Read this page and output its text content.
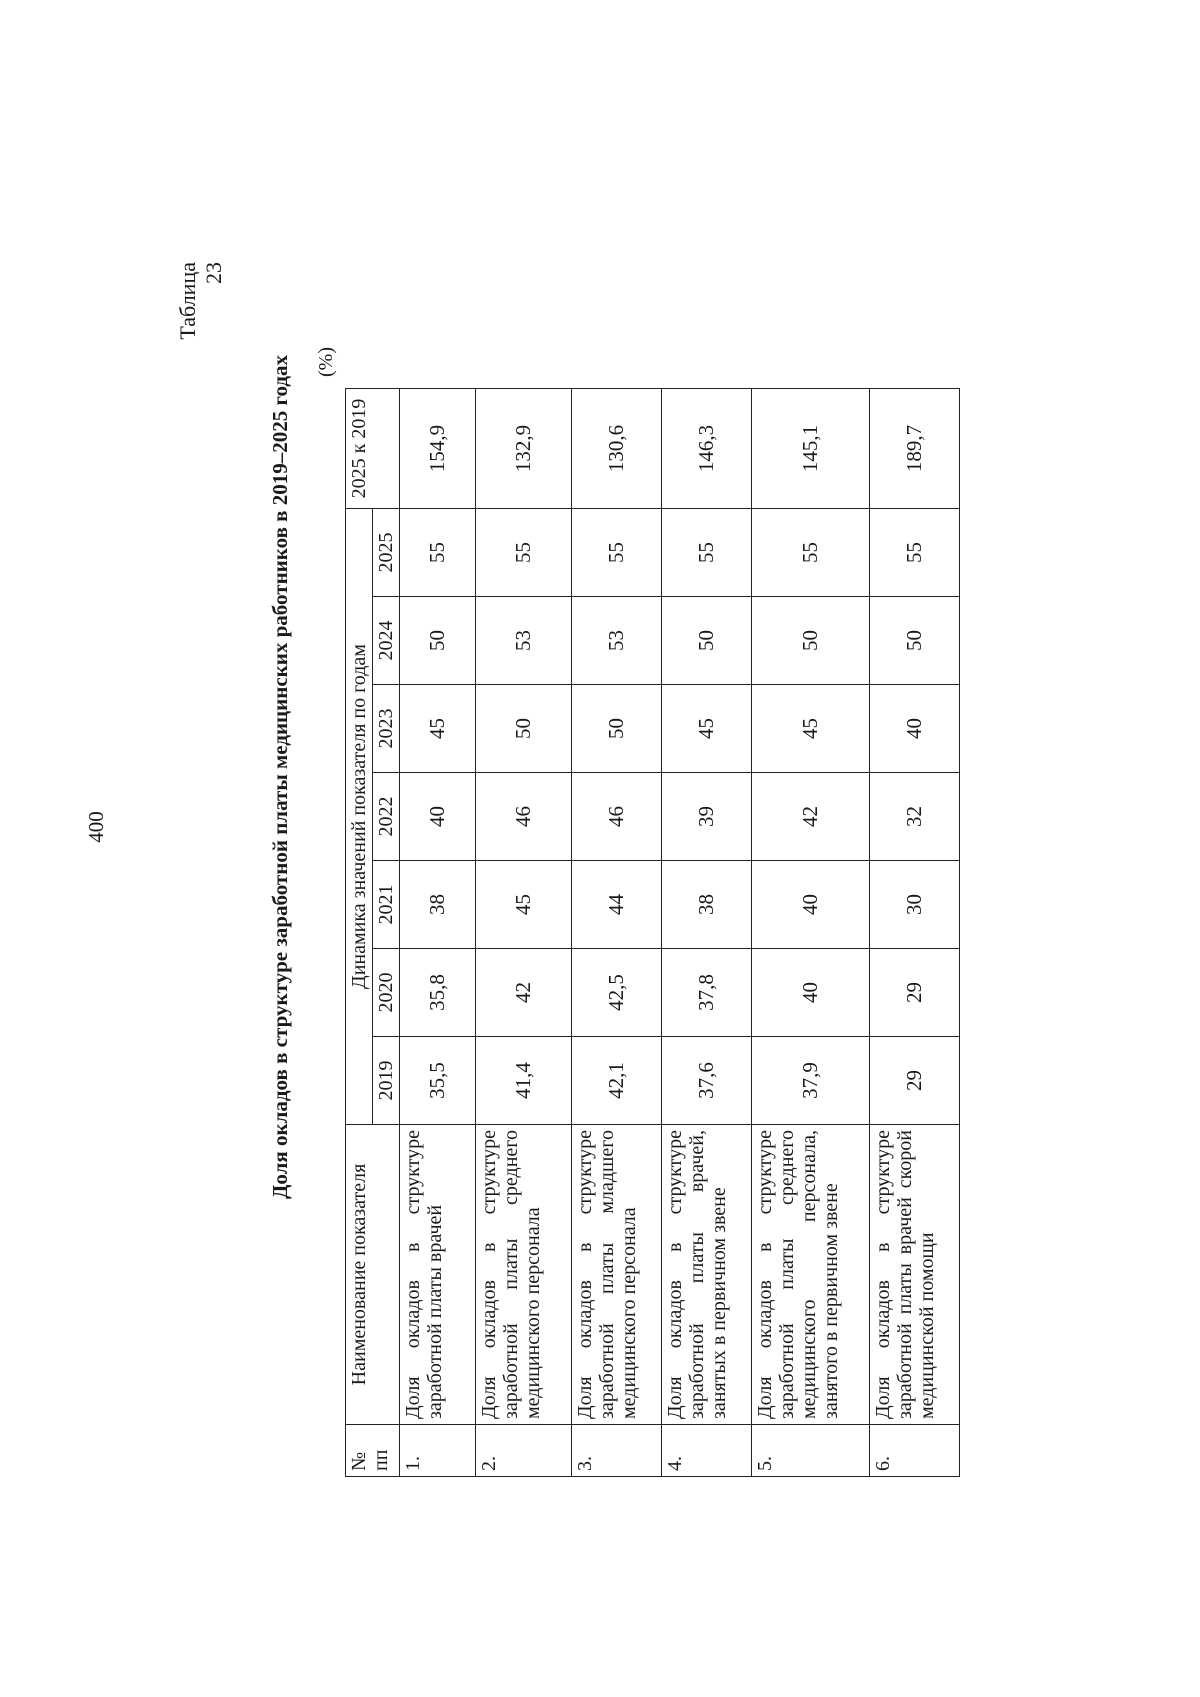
400
Таблица 23
Доля окладов в структуре заработной платы медицинских работников в 2019–2025 годах (%)
№ пп	Наименование показателя	Динамика значений показателя по годам							2025 к 2019
		2019	2020	2021	2022	2023	2024	2025	
1.	Доля окладов в структуре заработной платы врачей	35,5	35,8	38	40	45	50	55	154,9
2.	Доля окладов в структуре заработной платы среднего медицинского персонала	41,4	42	45	46	50	53	55	132,9
3.	Доля окладов в структуре заработной платы младшего медицинского персонала	42,1	42,5	44	46	50	53	55	130,6
4.	Доля окладов в структуре заработной платы врачей, занятых в первичном звене	37,6	37,8	38	39	45	50	55	146,3
5.	Доля окладов в структуре заработной платы среднего медицинского персонала, занятого в первичном звене	37,9	40	40	42	45	50	55	145,1
6.	Доля окладов в структуре заработной платы врачей скорой медицинской помощи	29	29	30	32	40	50	55	189,7
